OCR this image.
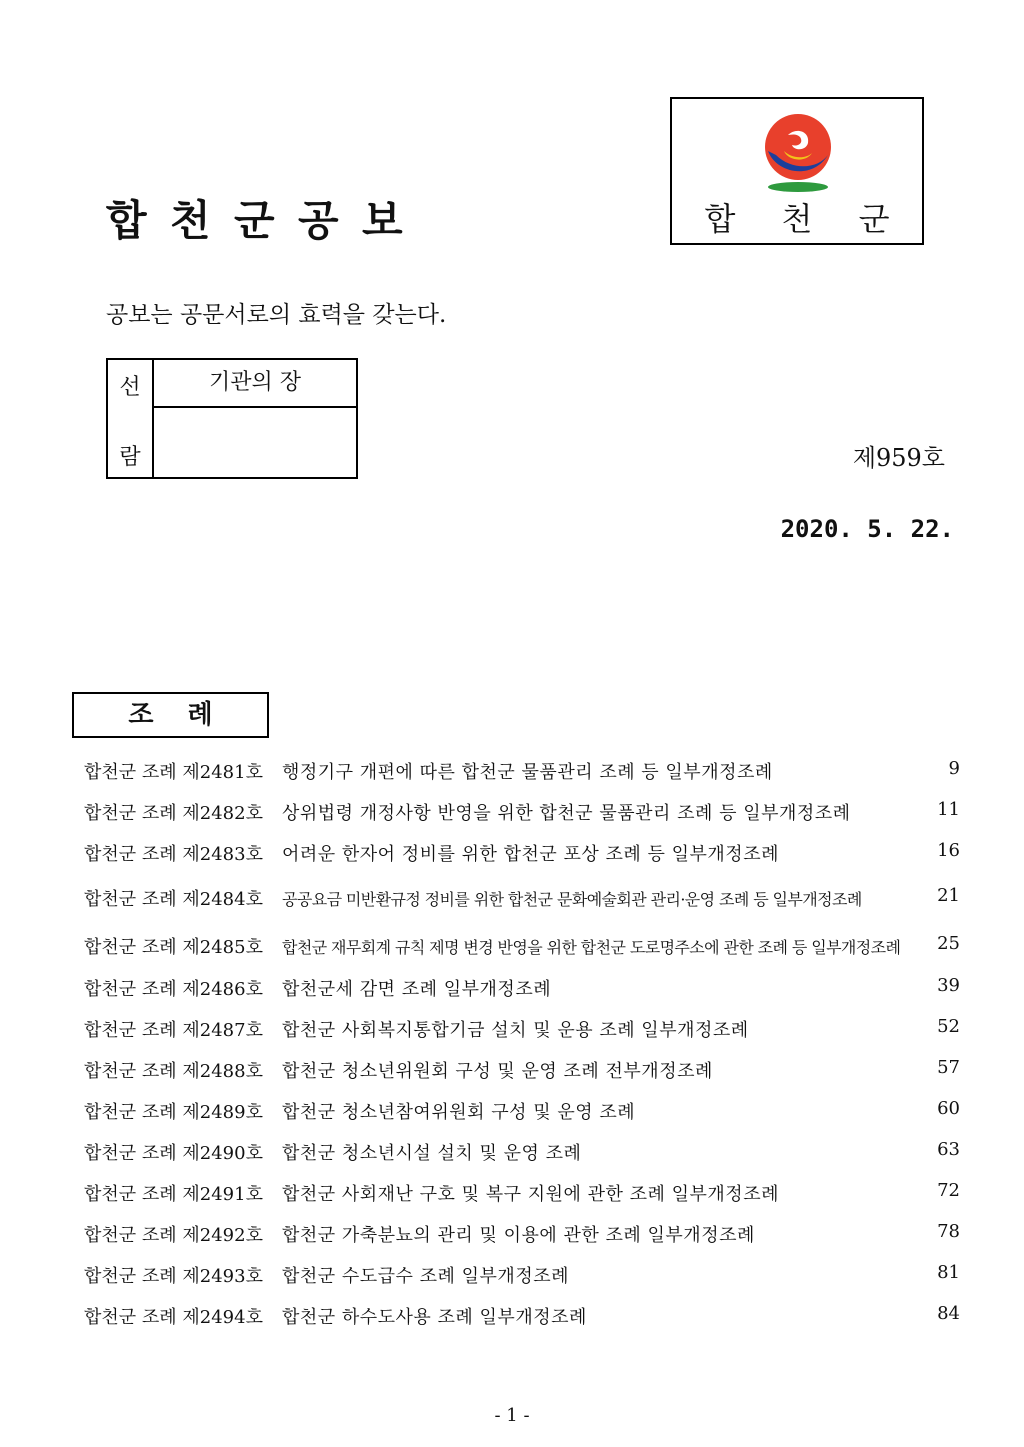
합 천 군 공 보	합 천 군
공보는 공문서로의 효력을 갖는다.
선
람
기관의 장
제959호
2020. 5. 22.
조례
합천군 조례 제2481호 행정기구 개편에 따른 합천군 물품관리 조례 등 일부개정조례	9
합천군 조례 제2482호 상위법령 개정사항 반영을 위한 합천군 물품관리 조례 등 일부개정조례	11
합천군 조례 제2483호 어려운 한자어 정비를 위한 합천군 포상 조례 등 일부개정조례	16
합천군 조례 제2484호 공공요금 미반환규정 정비를 위한 합천군 문화예술회관 관리·운영 조례 등 일부개정조례	21
합천군 조례 제2485호 합천군 재무회계 규칙 제명 변경 반영을 위한 합천군 도로명주소에 관한 조례 등 일부개정조례 25
합천군 조례 제2486호 합천군세 감면 조례 일부개정조례	39
합천군 조례 제2487호 합천군 사회복지통합기금 설치 및 운용 조례 일부개정조례	52
합천군 조례 제2488호 합천군 청소년위원회 구성 및 운영 조례 전부개정조례	57
합천군 조례 제2489호 합천군 청소년참여위원회 구성 및 운영 조례	60
합천군 조례 제2490호 합천군 청소년시설 설치 및 운영 조례	63
합천군 조례 제2491호 합천군 사회재난 구호 및 복구 지원에 관한 조례 일부개정조례	72
합천군 조례 제2492호 합천군 가축분뇨의 관리 및 이용에 관한 조례 일부개정조례	78
합천군 조례 제2493호 합천군 수도급수 조례 일부개정조례	81
합천군 조례 제2494호 합천군 하수도사용 조례 일부개정조례	84
- 1 -
